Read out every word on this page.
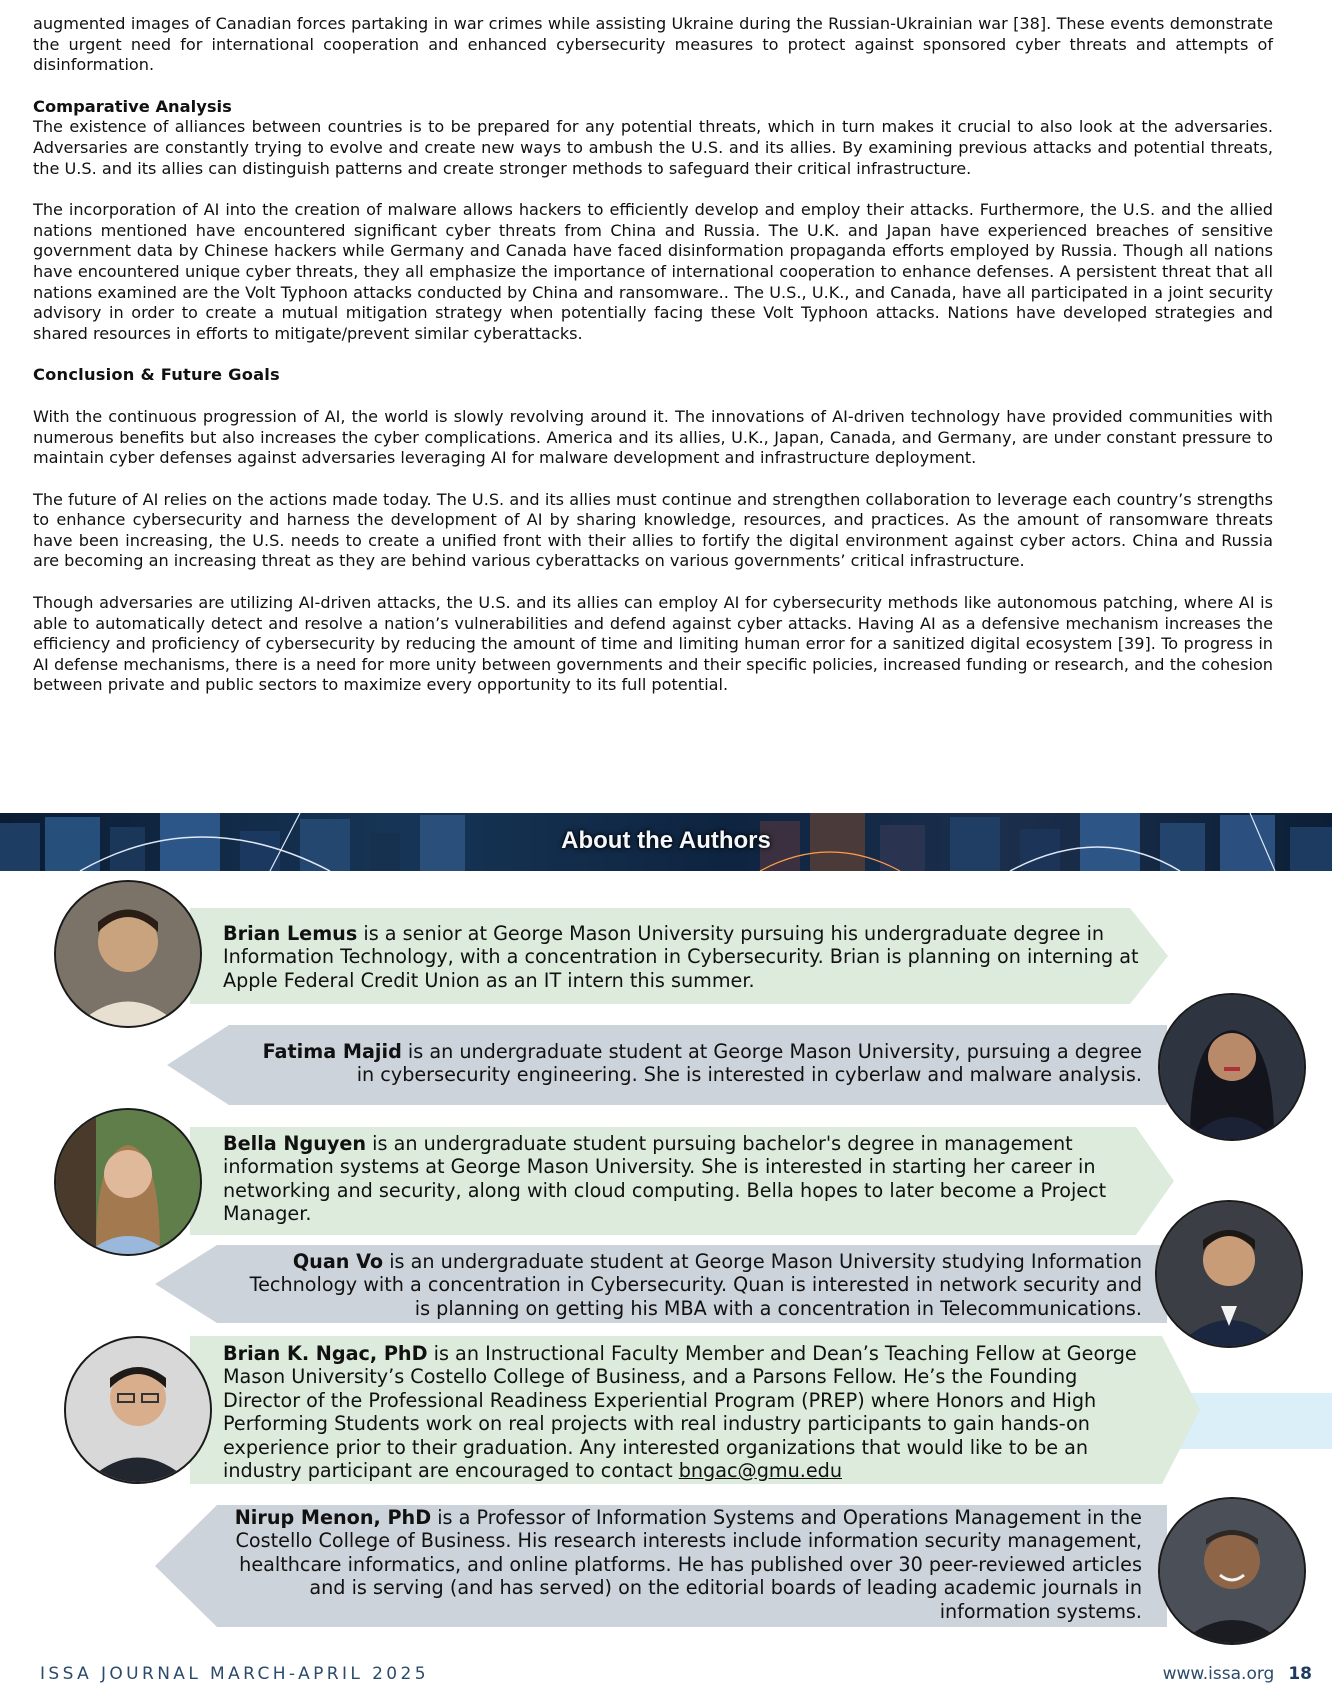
augmented images of Canadian forces partaking in war crimes while assisting Ukraine during the Russian-Ukrainian war [38]. These events demonstrate the urgent need for international cooperation and enhanced cybersecurity measures to protect against sponsored cyber threats and attempts of disinformation.

Comparative Analysis

The existence of alliances between countries is to be prepared for any potential threats, which in turn makes it crucial to also look at the adversaries. Adversaries are constantly trying to evolve and create new ways to ambush the U.S. and its allies. By examining previous attacks and potential threats, the U.S. and its allies can distinguish patterns and create stronger methods to safeguard their critical infrastructure.

The incorporation of AI into the creation of malware allows hackers to efficiently develop and employ their attacks. Furthermore, the U.S. and the allied nations mentioned have encountered significant cyber threats from China and Russia. The U.K. and Japan have experienced breaches of sensitive government data by Chinese hackers while Germany and Canada have faced disinformation propaganda efforts employed by Russia. Though all nations have encountered unique cyber threats, they all emphasize the importance of international cooperation to enhance defenses. A persistent threat that all nations examined are the Volt Typhoon attacks conducted by China and ransomware.. The U.S., U.K., and Canada, have all participated in a joint security advisory in order to create a mutual mitigation strategy when potentially facing these Volt Typhoon attacks. Nations have developed strategies and shared resources in efforts to mitigate/prevent similar cyberattacks.

Conclusion & Future Goals

With the continuous progression of AI, the world is slowly revolving around it. The innovations of AI-driven technology have provided communities with numerous benefits but also increases the cyber complications. America and its allies, U.K., Japan, Canada, and Germany, are under constant pressure to maintain cyber defenses against adversaries leveraging AI for malware development and infrastructure deployment.

The future of AI relies on the actions made today. The U.S. and its allies must continue and strengthen collaboration to leverage each country’s strengths to enhance cybersecurity and harness the development of AI by sharing knowledge, resources, and practices. As the amount of ransomware threats have been increasing, the U.S. needs to create a unified front with their allies to fortify the digital environment against cyber actors. China and Russia are becoming an increasing threat as they are behind various cyberattacks on various governments’ critical infrastructure.

Though adversaries are utilizing AI-driven attacks, the U.S. and its allies can employ AI for cybersecurity methods like autonomous patching, where AI is able to automatically detect and resolve a nation’s vulnerabilities and defend against cyber attacks. Having AI as a defensive mechanism increases the efficiency and proficiency of cybersecurity by reducing the amount of time and limiting human error for a sanitized digital ecosystem [39]. To progress in AI defense mechanisms, there is a need for more unity between governments and their specific policies, increased funding or research, and the cohesion between private and public sectors to maximize every opportunity to its full potential.

About the Authors
Brian Lemus is a senior at George Mason University pursuing his undergraduate degree in Information Technology, with a concentration in Cybersecurity. Brian is planning on interning at Apple Federal Credit Union as an IT intern this summer.
Fatima Majid is an undergraduate student at George Mason University, pursuing a degree in cybersecurity engineering. She is interested in cyberlaw and malware analysis.
Bella Nguyen is an undergraduate student pursuing bachelor's degree in management information systems at George Mason University. She is interested in starting her career in networking and security, along with cloud computing. Bella hopes to later become a Project Manager.
Quan Vo is an undergraduate student at George Mason University studying Information Technology with a concentration in Cybersecurity. Quan is interested in network security and is planning on getting his MBA with a concentration in Telecommunications.
Brian K. Ngac, PhD is an Instructional Faculty Member and Dean’s Teaching Fellow at George Mason University’s Costello College of Business, and a Parsons Fellow. He’s the Founding Director of the Professional Readiness Experiential Program (PREP) where Honors and High Performing Students work on real projects with real industry participants to gain hands-on experience prior to their graduation. Any interested organizations that would like to be an industry participant are encouraged to contact bngac@gmu.edu
Nirup Menon, PhD is a Professor of Information Systems and Operations Management in the Costello College of Business. His research interests include information security management, healthcare informatics, and online platforms. He has published over 30 peer-reviewed articles and is serving (and has served) on the editorial boards of leading academic journals in information systems.
ISSA JOURNAL MARCH-APRIL 2025	www.issa.org 18
